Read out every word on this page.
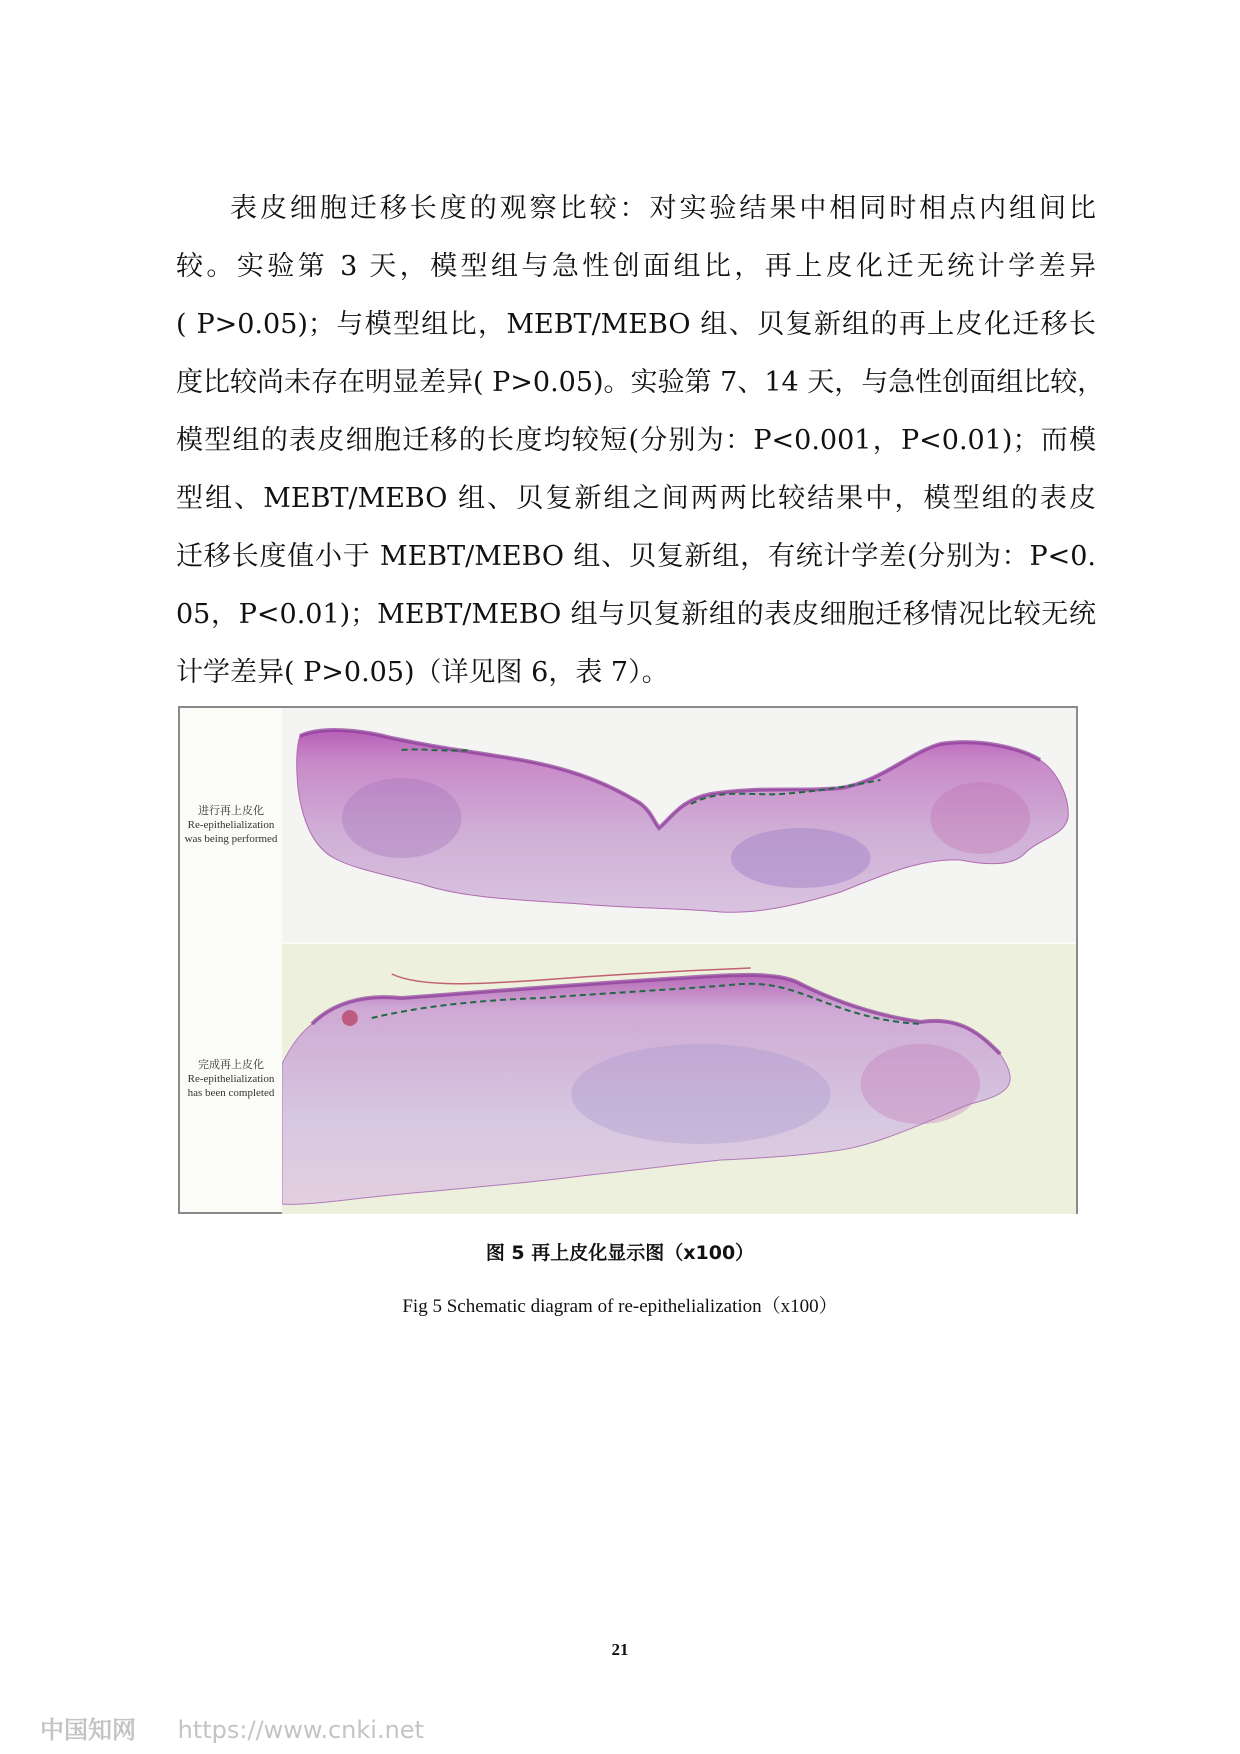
表皮细胞迁移长度的观察比较：对实验结果中相同时相点内组间比
较。实验第 3 天，模型组与急性创面组比，再上皮化迁无统计学差异
( P>0.05)；与模型组比，MEBT/MEBO 组、贝复新组的再上皮化迁移长
度比较尚未存在明显差异( P>0.05)。实验第 7、14 天，与急性创面组比较，
模型组的表皮细胞迁移的长度均较短(分别为：P<0.001，P<0.01)；而模
型组、MEBT/MEBO 组、贝复新组之间两两比较结果中，模型组的表皮
迁移长度值小于 MEBT/MEBO 组、贝复新组，有统计学差(分别为：P<0.
05，P<0.01)；MEBT/MEBO 组与贝复新组的表皮细胞迁移情况比较无统
计学差异( P>0.05)（详见图 6，表 7）。
进行再上皮化
Re-epithelialization
was being performed
完成再上皮化
Re-epithelialization
has been completed

图 5 再上皮化显示图（x100）

Fig 5 Schematic diagram of re-epithelialization（x100）

21
中国知网 https://www.cnki.net
